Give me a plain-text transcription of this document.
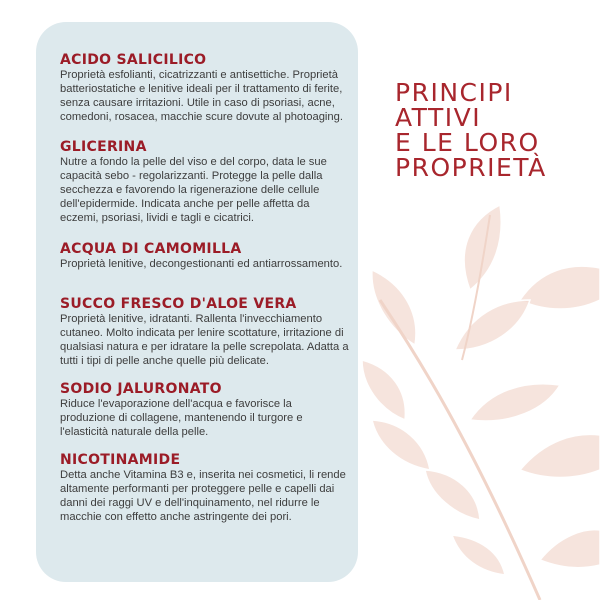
ACIDO SALICILICO

Proprietà esfolianti, cicatrizzanti e antisettiche. Proprietà batteriostatiche e lenitive ideali per il trattamento di ferite, senza causare irritazioni. Utile in caso di psoriasi, acne, comedoni, rosacea, macchie scure dovute al photoaging.

GLICERINA

Nutre a fondo la pelle del viso e del corpo, data le sue capacità sebo - regolarizzanti. Protegge la pelle dalla secchezza e favorendo la rigenerazione delle cellule dell'epidermide. Indicata anche per pelle affetta da eczemi, psoriasi, lividi e tagli e cicatrici.

ACQUA DI CAMOMILLA

Proprietà lenitive, decongestionanti ed antiarrossamento.

SUCCO FRESCO D'ALOE VERA

Proprietà lenitive, idratanti. Rallenta l'invecchiamento cutaneo. Molto indicata per lenire scottature, irritazione di qualsiasi natura e per idratare la pelle screpolata. Adatta a tutti i tipi di pelle anche quelle più delicate.

SODIO JALURONATO

Riduce l'evaporazione dell'acqua e favorisce la produzione di collagene, mantenendo il turgore e l'elasticità naturale della pelle.

NICOTINAMIDE

Detta anche Vitamina B3 e, inserita nei cosmetici, li rende altamente performanti per proteggere pelle e capelli dai danni dei raggi UV e dell'inquinamento, nel ridurre le macchie con effetto anche astringente dei pori.

PRINCIPI
ATTIVI
E LE LORO
PROPRIETÀ
